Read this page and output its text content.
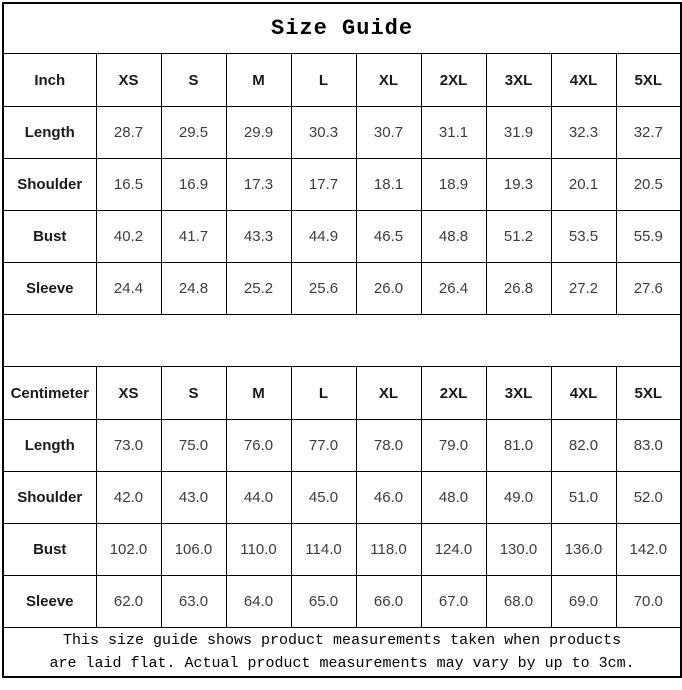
Size Guide									
Inch	XS	S	M	L	XL	2XL	3XL	4XL	5XL
Length	28.7	29.5	29.9	30.3	30.7	31.1	31.9	32.3	32.7
Shoulder	16.5	16.9	17.3	17.7	18.1	18.9	19.3	20.1	20.5
Bust	40.2	41.7	43.3	44.9	46.5	48.8	51.2	53.5	55.9
Sleeve	24.4	24.8	25.2	25.6	26.0	26.4	26.8	27.2	27.6

Centimeter	XS	S	M	L	XL	2XL	3XL	4XL	5XL
Length	73.0	75.0	76.0	77.0	78.0	79.0	81.0	82.0	83.0
Shoulder	42.0	43.0	44.0	45.0	46.0	48.0	49.0	51.0	52.0
Bust	102.0	106.0	110.0	114.0	118.0	124.0	130.0	136.0	142.0
Sleeve	62.0	63.0	64.0	65.0	66.0	67.0	68.0	69.0	70.0

This size guide shows product measurements taken when products
are laid flat. Actual product measurements may vary by up to 3cm.									
